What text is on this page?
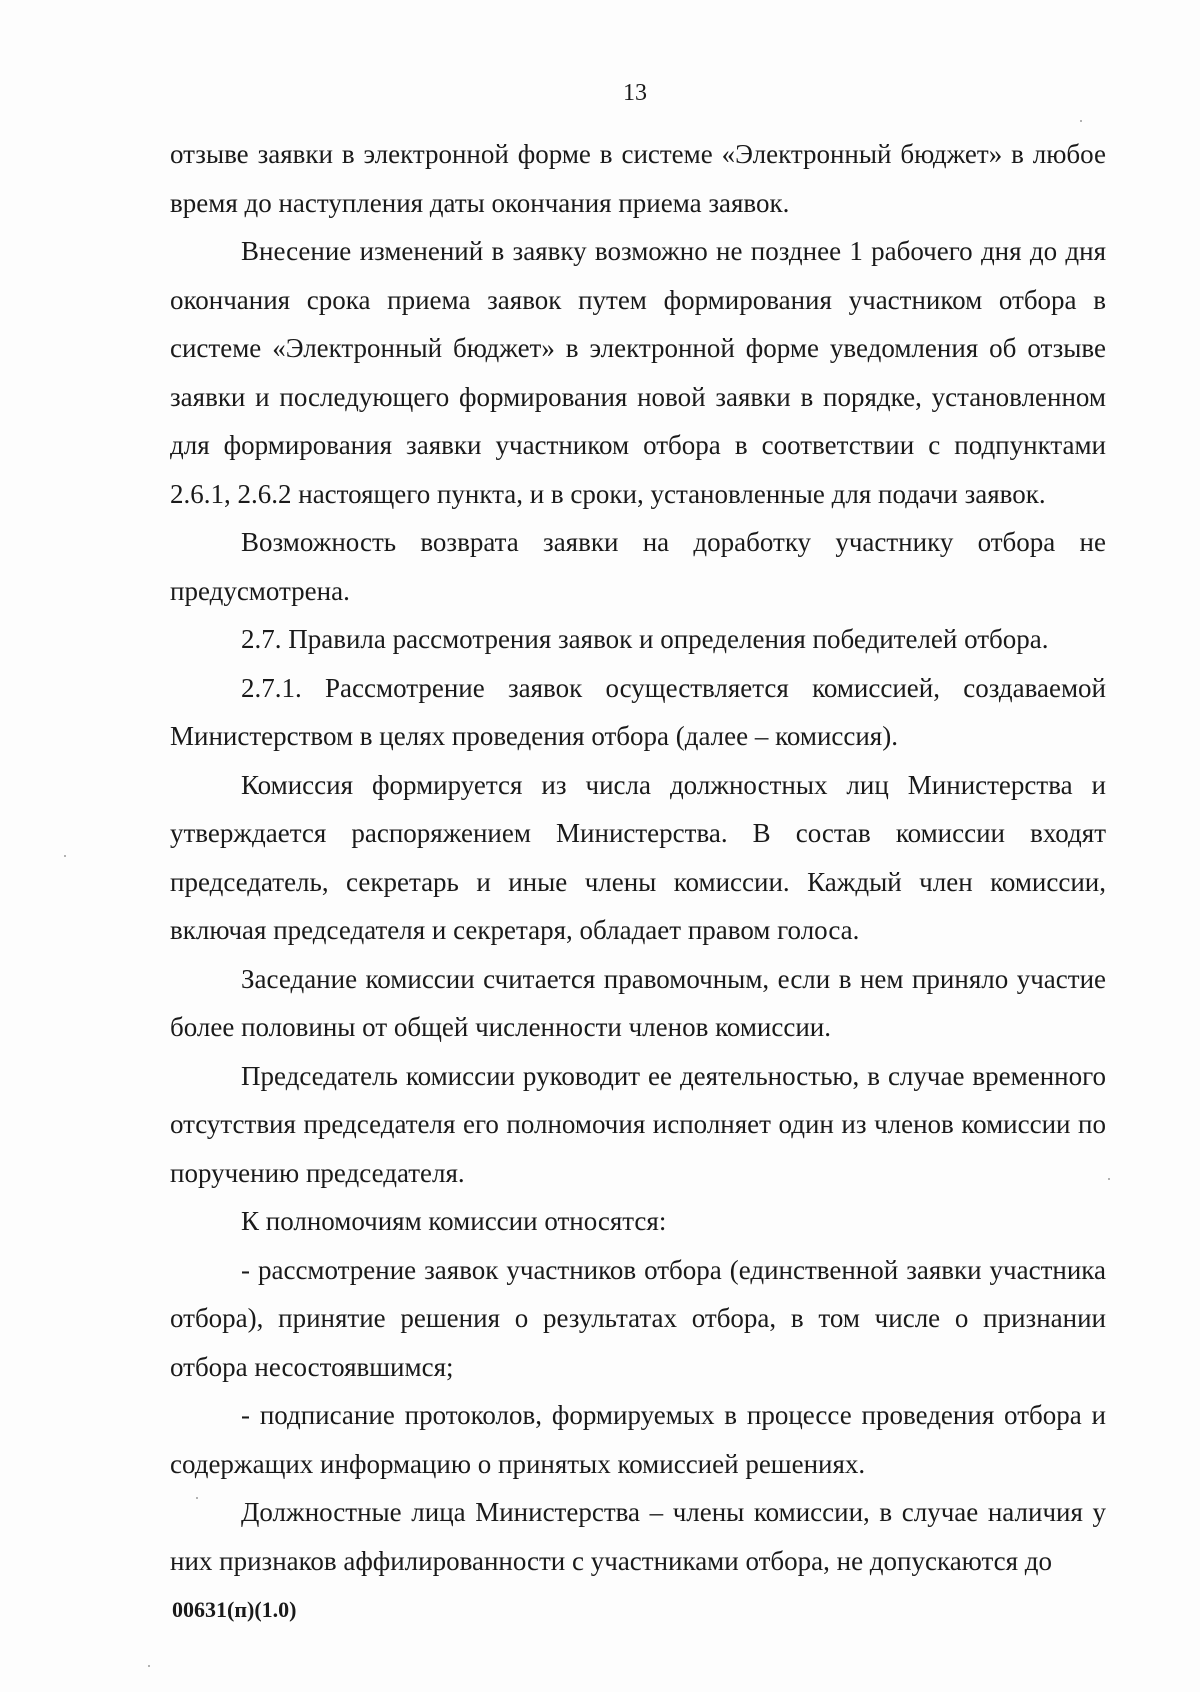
13

отзыве заявки в электронной форме в системе «Электронный бюджет» в любое время до наступления даты окончания приема заявок.

Внесение изменений в заявку возможно не позднее 1 рабочего дня до дня окончания срока приема заявок путем формирования участником отбора в системе «Электронный бюджет» в электронной форме уведомления об отзыве заявки и последующего формирования новой заявки в порядке, установленном для формирования заявки участником отбора в соответствии с подпунктами 2.6.1, 2.6.2 настоящего пункта, и в сроки, установленные для подачи заявок.

Возможность возврата заявки на доработку участнику отбора не предусмотрена.

2.7. Правила рассмотрения заявок и определения победителей отбора.

2.7.1. Рассмотрение заявок осуществляется комиссией, создаваемой Министерством в целях проведения отбора (далее – комиссия).

Комиссия формируется из числа должностных лиц Министерства и утверждается распоряжением Министерства. В состав комиссии входят председатель, секретарь и иные члены комиссии. Каждый член комиссии, включая председателя и секретаря, обладает правом голоса.

Заседание комиссии считается правомочным, если в нем приняло участие более половины от общей численности членов комиссии.

Председатель комиссии руководит ее деятельностью, в случае временного отсутствия председателя его полномочия исполняет один из членов комиссии по поручению председателя.

К полномочиям комиссии относятся:

- рассмотрение заявок участников отбора (единственной заявки участника отбора), принятие решения о результатах отбора, в том числе о признании отбора несостоявшимся;

- подписание протоколов, формируемых в процессе проведения отбора и содержащих информацию о принятых комиссией решениях.

Должностные лица Министерства – члены комиссии, в случае наличия у них признаков аффилированности с участниками отбора, не допускаются до

00631(п)(1.0)
